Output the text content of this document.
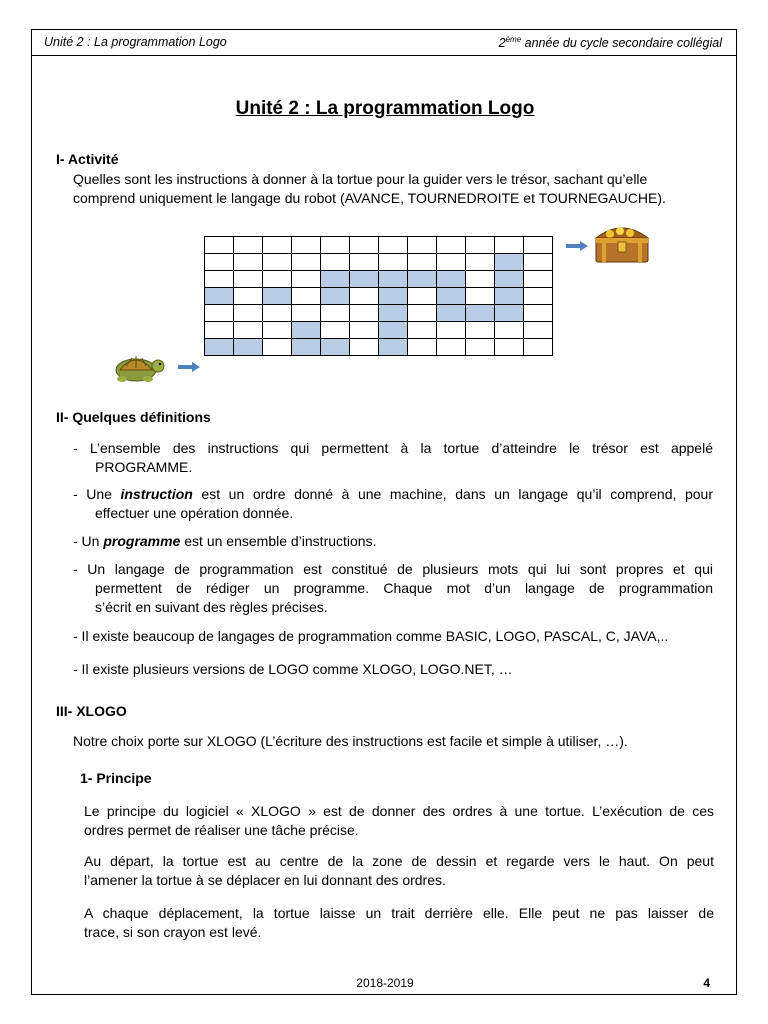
Unité 2 : La programmation Logo	2ème année du cycle secondaire collégial
Unité 2 : La programmation Logo
I- Activité
Quelles sont les instructions à donner à la tortue pour la guider vers le trésor, sachant qu’elle
comprend uniquement le langage du robot (AVANCE, TOURNEDROITE et TOURNEGAUCHE).

II- Quelques définitions
- L’ensemble des instructions qui permettent à la tortue d’atteindre le trésor est appelé
PROGRAMME.
- Une instruction est un ordre donné à une machine, dans un langage qu’il comprend, pour
effectuer une opération donnée.
- Un programme est un ensemble d’instructions.
- Un langage de programmation est constitué de plusieurs mots qui lui sont propres et qui
permettent de rédiger un programme. Chaque mot d’un langage de programmation
s’écrit en suivant des règles précises.
- Il existe beaucoup de langages de programmation comme BASIC, LOGO, PASCAL, C, JAVA,..
- Il existe plusieurs versions de LOGO comme XLOGO, LOGO.NET, …
III- XLOGO
Notre choix porte sur XLOGO (L’écriture des instructions est facile et simple à utiliser, …).
1- Principe
Le principe du logiciel « XLOGO » est de donner des ordres à une tortue. L’exécution de ces
ordres permet de réaliser une tâche précise.
Au départ, la tortue est au centre de la zone de dessin et regarde vers le haut. On peut
l’amener la tortue à se déplacer en lui donnant des ordres.
A chaque déplacement, la tortue laisse un trait derrière elle. Elle peut ne pas laisser de
trace, si son crayon est levé.
2018-2019	4
